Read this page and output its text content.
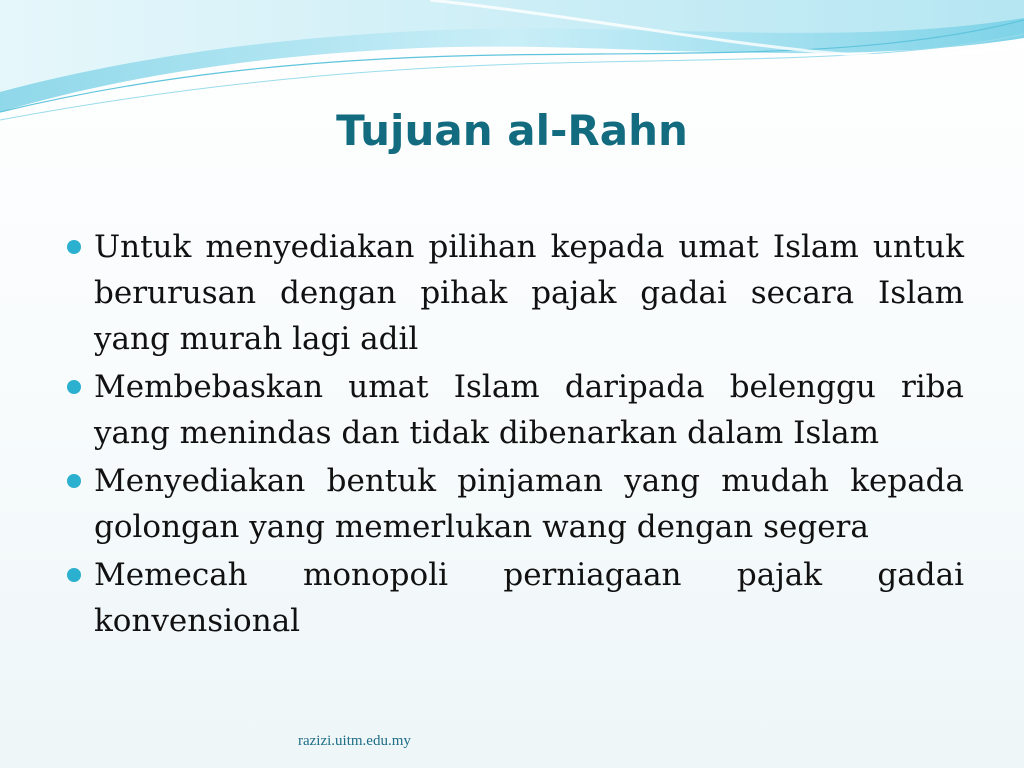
Tujuan al-Rahn
Untuk menyediakan pilihan kepada umat Islam untuk berurusan dengan pihak pajak gadai secara Islam yang murah lagi adil
Membebaskan umat Islam daripada belenggu riba yang menindas dan tidak dibenarkan dalam Islam
Menyediakan bentuk pinjaman yang mudah kepada golongan yang memerlukan wang dengan segera
Memecah monopoli perniagaan pajak gadai konvensional

razizi.uitm.edu.my
